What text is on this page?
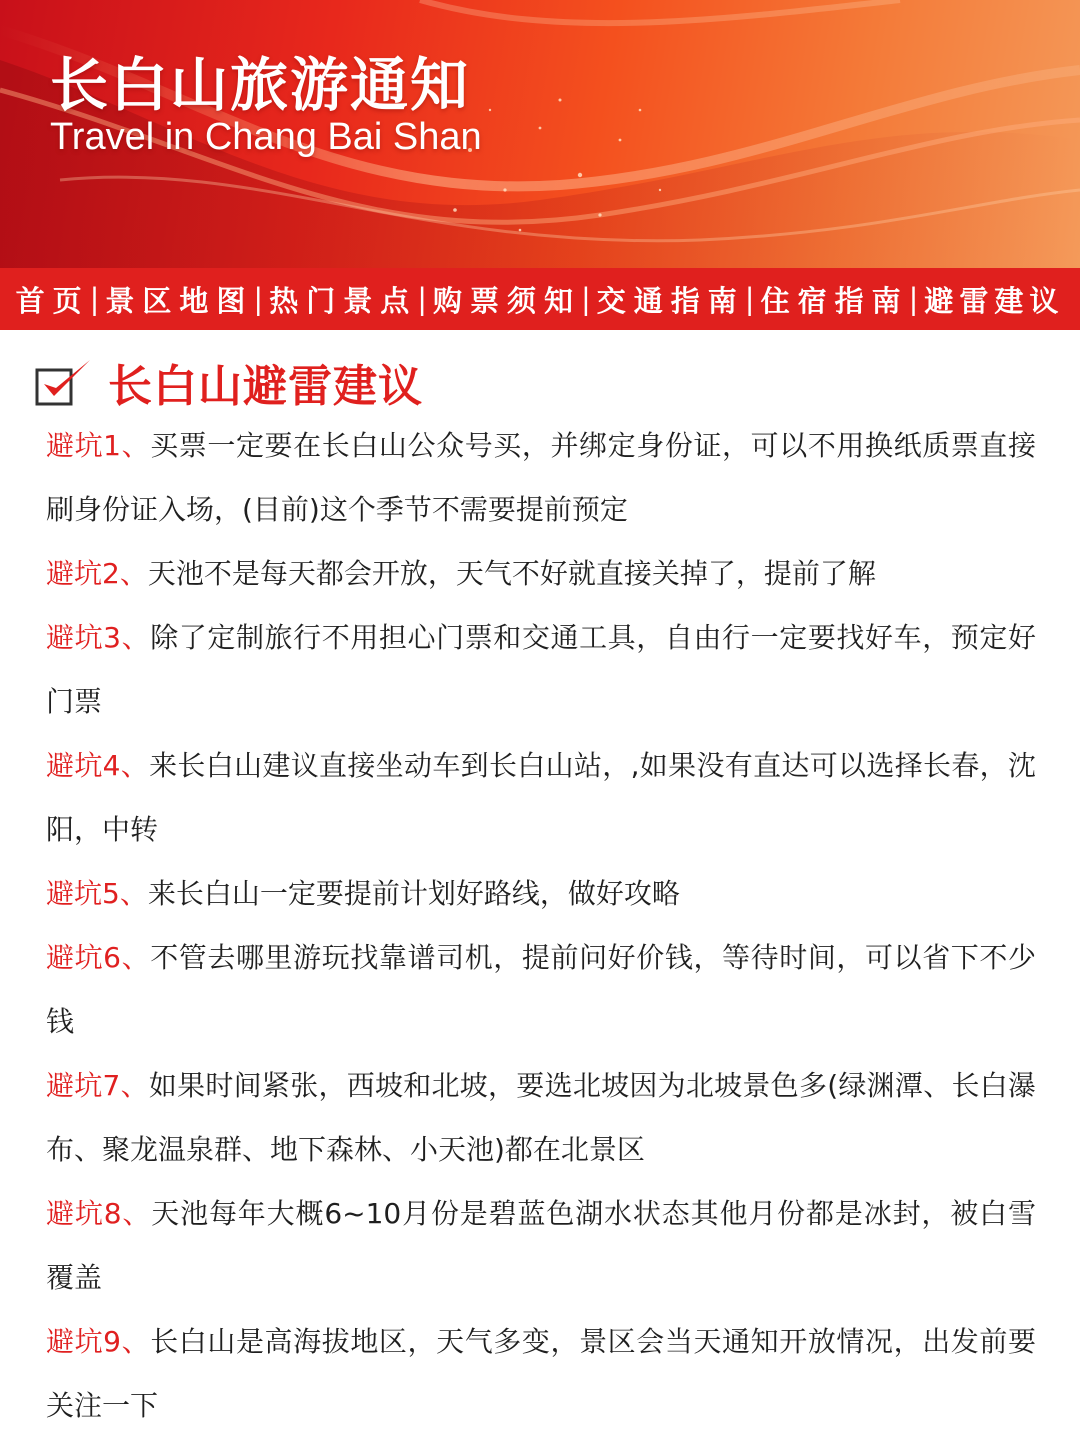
长白山旅游通知
Travel in Chang Bai Shan
首页 | 景区地图 | 热门景点 | 购票须知 | 交通指南 | 住宿指南 | 避雷建议
长白山避雷建议

避坑1、买票一定要在长白山公众号买，并绑定身份证，可以不用换纸质票直接刷身份证入场，(目前)这个季节不需要提前预定

避坑2、天池不是每天都会开放，天气不好就直接关掉了，提前了解

避坑3、除了定制旅行不用担心门票和交通工具，自由行一定要找好车，预定好门票

避坑4、来长白山建议直接坐动车到长白山站，,如果没有直达可以选择长春，沈阳，中转

避坑5、来长白山一定要提前计划好路线，做好攻略

避坑6、不管去哪里游玩找靠谱司机，提前问好价钱，等待时间，可以省下不少钱

避坑7、如果时间紧张，西坡和北坡，要选北坡因为北坡景色多(绿渊潭、长白瀑布、聚龙温泉群、地下森林、小天池)都在北景区

避坑8、天池每年大概6~10月份是碧蓝色湖水状态其他月份都是冰封，被白雪覆盖

避坑9、长白山是高海拔地区，天气多变，景区会当天通知开放情况，出发前要关注一下
